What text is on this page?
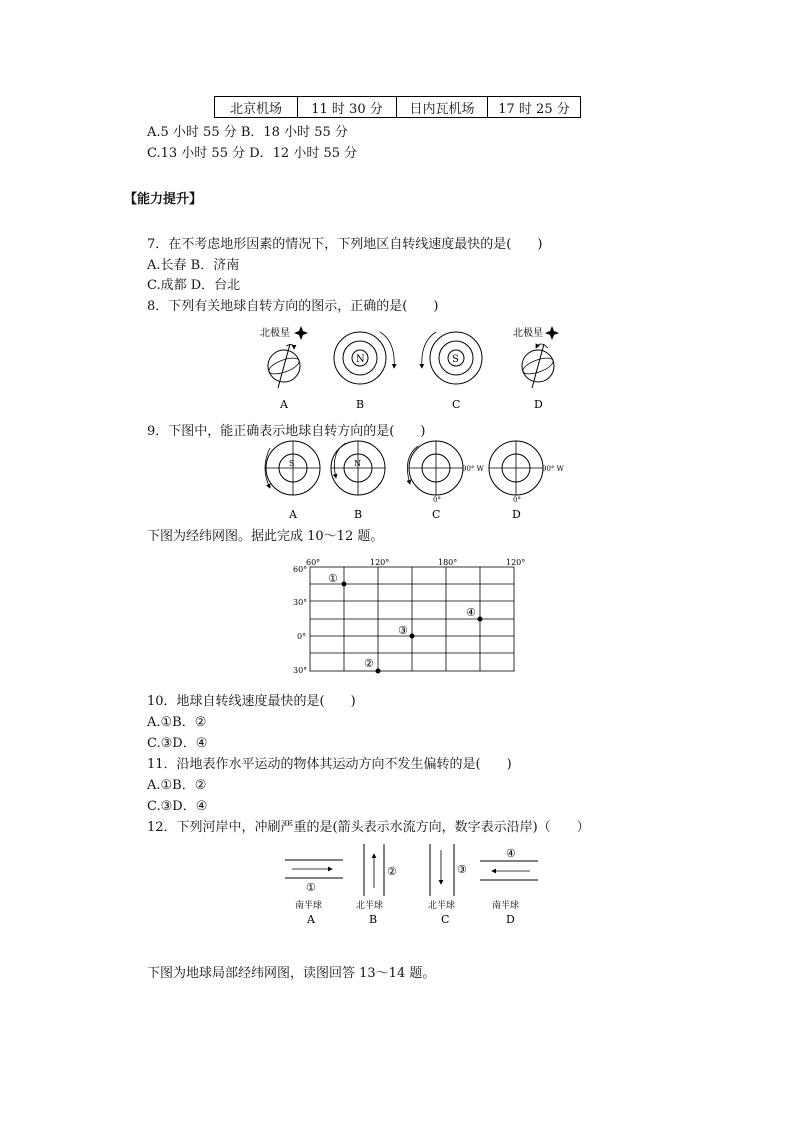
北京机场	11 时 30 分	日内瓦机场	17 时 25 分
A.5 小时 55 分 B．18 小时 55 分
C.13 小时 55 分 D．12 小时 55 分
【能力提升】
7．在不考虑地形因素的情况下，下列地区自转线速度最快的是(　　)
A.长春 B．济南
C.成都 D．台北
8．下列有关地球自转方向的图示，正确的是(　　)
北极星
N	S
北极星
A	B	C	D
9．下图中，能正确表示地球自转方向的是(　　)
S	N
90° W
0°
90° W
0°
A	B	C	D
下图为经纬网图。据此完成 10～12 题。
60°	120°	180°	120°
60°
30°
0°
30°
①
②
③
④
10．地球自转线速度最快的是(　　)
A.①B．②
C.③D．④
11．沿地表作水平运动的物体其运动方向不发生偏转的是(　　)
A.①B．②
C.③D．④
12．下列河岸中，冲刷严重的是(箭头表示水流方向，数字表示沿岸)（　　）
①
南半球
A
②
北半球
B
③
北半球
C
④
南半球
D
下图为地球局部经纬网图，读图回答 13～14 题。
